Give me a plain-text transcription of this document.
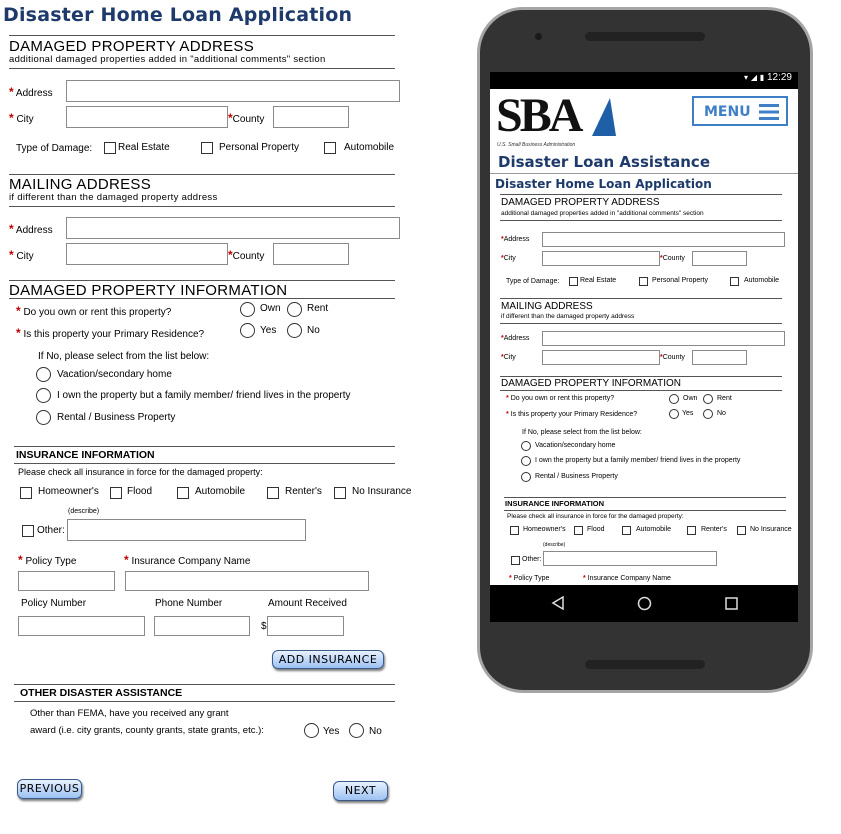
Disaster Home Loan Application
DAMAGED PROPERTY ADDRESS
additional damaged properties added in "additional comments" section
* Address
* City	*County
Type of Damage:	Real Estate	Personal Property	Automobile
MAILING ADDRESS
if different than the damaged property address
* Address
* City	*County
DAMAGED PROPERTY INFORMATION
* Do you own or rent this property?	Own	Rent
* Is this property your Primary Residence?	Yes	No
If No, please select from the list below:
Vacation/secondary home
I own the property but a family member/ friend lives in the property
Rental / Business Property
INSURANCE INFORMATION
Please check all insurance in force for the damaged property:
Homeowner's	Flood	Automobile	Renter's	No Insurance
(describe)
Other:
* Policy Type	* Insurance Company Name
Policy Number	Phone Number	Amount Received
$
ADD INSURANCE
OTHER DISASTER ASSISTANCE
Other than FEMA, have you received any grant
award (i.e. city grants, county grants, state grants, etc.):	Yes	No
PREVIOUS	NEXT
▾ ◢ ▮ 12:29
SBA
U.S. Small Business Administration
MENU
Disaster Loan Assistance
Disaster Home Loan Application
DAMAGED PROPERTY ADDRESS
additional damaged properties added in "additional comments" section
*Address
*City	*County
Type of Damage:	Real Estate	Personal Property	Automobile
MAILING ADDRESS
if different than the damaged property address
*Address
*City	*County
DAMAGED PROPERTY INFORMATION
* Do you own or rent this property?	Own	Rent
* Is this property your Primary Residence?	Yes	No
If No, please select from the list below:
Vacation/secondary home
I own the property but a family member/ friend lives in the property
Rental / Business Property
INSURANCE INFORMATION
Please check all insurance in force for the damaged property:
Homeowner's	Flood	Automobile	Renter's	No Insurance
(describe)
Other:
* Policy Type	* Insurance Company Name
